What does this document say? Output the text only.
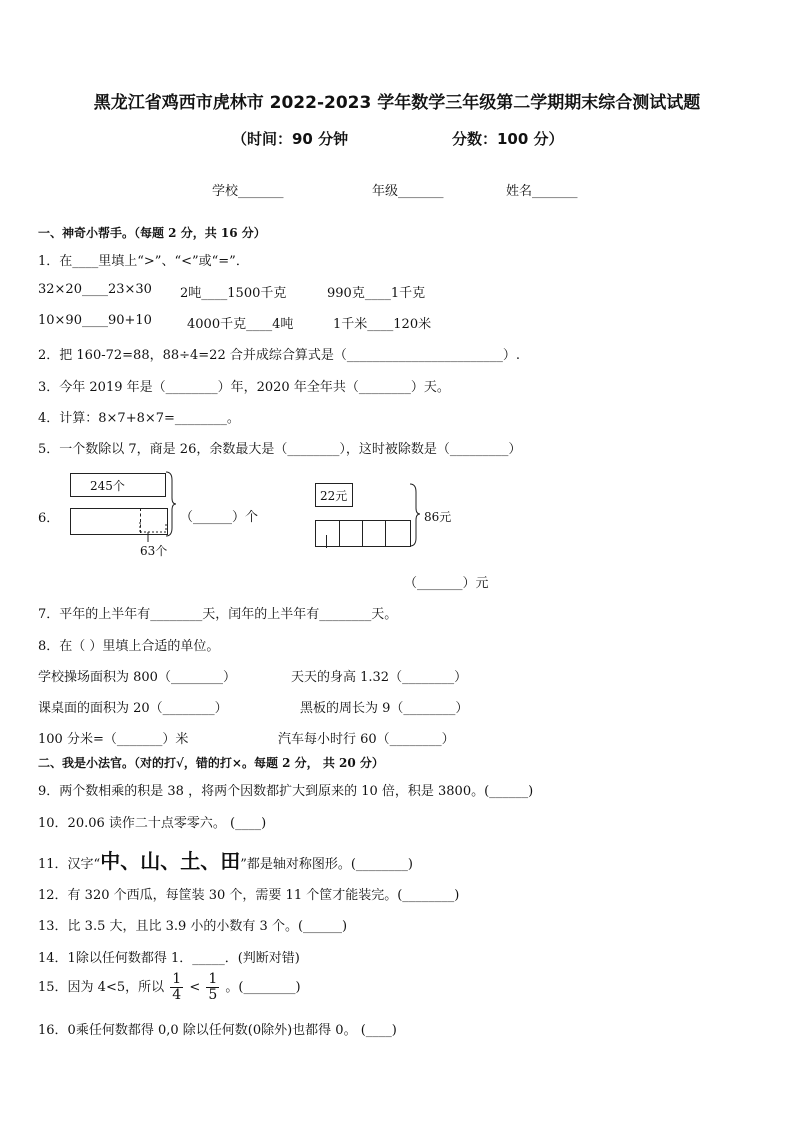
黑龙江省鸡西市虎林市 2022-2023 学年数学三年级第二学期期末综合测试试题
（时间：90 分钟	分数：100 分）
学校_______	年级_______	姓名_______
一、神奇小帮手。（每题 2 分，共 16 分）
1．在____里填上“>”、“<”或“=”．
32×20____23×30 2吨____1500千克	990克____1千克
10×90____90+10	4000千克____4吨	1千米____120米
2．把 160-72=88，88÷4=22 合并成综合算式是（________________________）.
3．今年 2019 年是（________）年，2020 年全年共（________）天。
4．计算：8×7+8×7=________。
5．一个数除以 7，商是 26，余数最大是（________），这时被除数是（_________）
6．
245个
63个
（______）个
22元
86元
（_______）元
7．平年的上半年有________天，闰年的上半年有________天。
8．在（ ）里填上合适的单位。
学校操场面积为 800（________）	天天的身高 1.32（________）
课桌面的面积为 20（________）	黑板的周长为 9（________）
100 分米=（_______）米	汽车每小时行 60（________）
二、我是小法官。（对的打√，错的打×。每题 2 分， 共 20 分）
9．两个数相乘的积是 38 ，将两个因数都扩大到原来的 10 倍，积是 3800。(______)
10．20.06 读作二十点零零六。 (____)
11．汉字“中、山、土、田”都是轴对称图形。(________)
12．有 320 个西瓜，每筐装 30 个，需要 11 个筐才能装完。(________)
13．比 3.5 大，且比 3.9 小的小数有 3 个。(______)
14．1除以任何数都得 1．_____．(判断对错)
15．因为 4<5，所以 $\frac{1}{4} < \frac{1}{5}$ 。(________)
16．0乘任何数都得 0,0 除以任何数(0除外)也都得 0。 (____)
